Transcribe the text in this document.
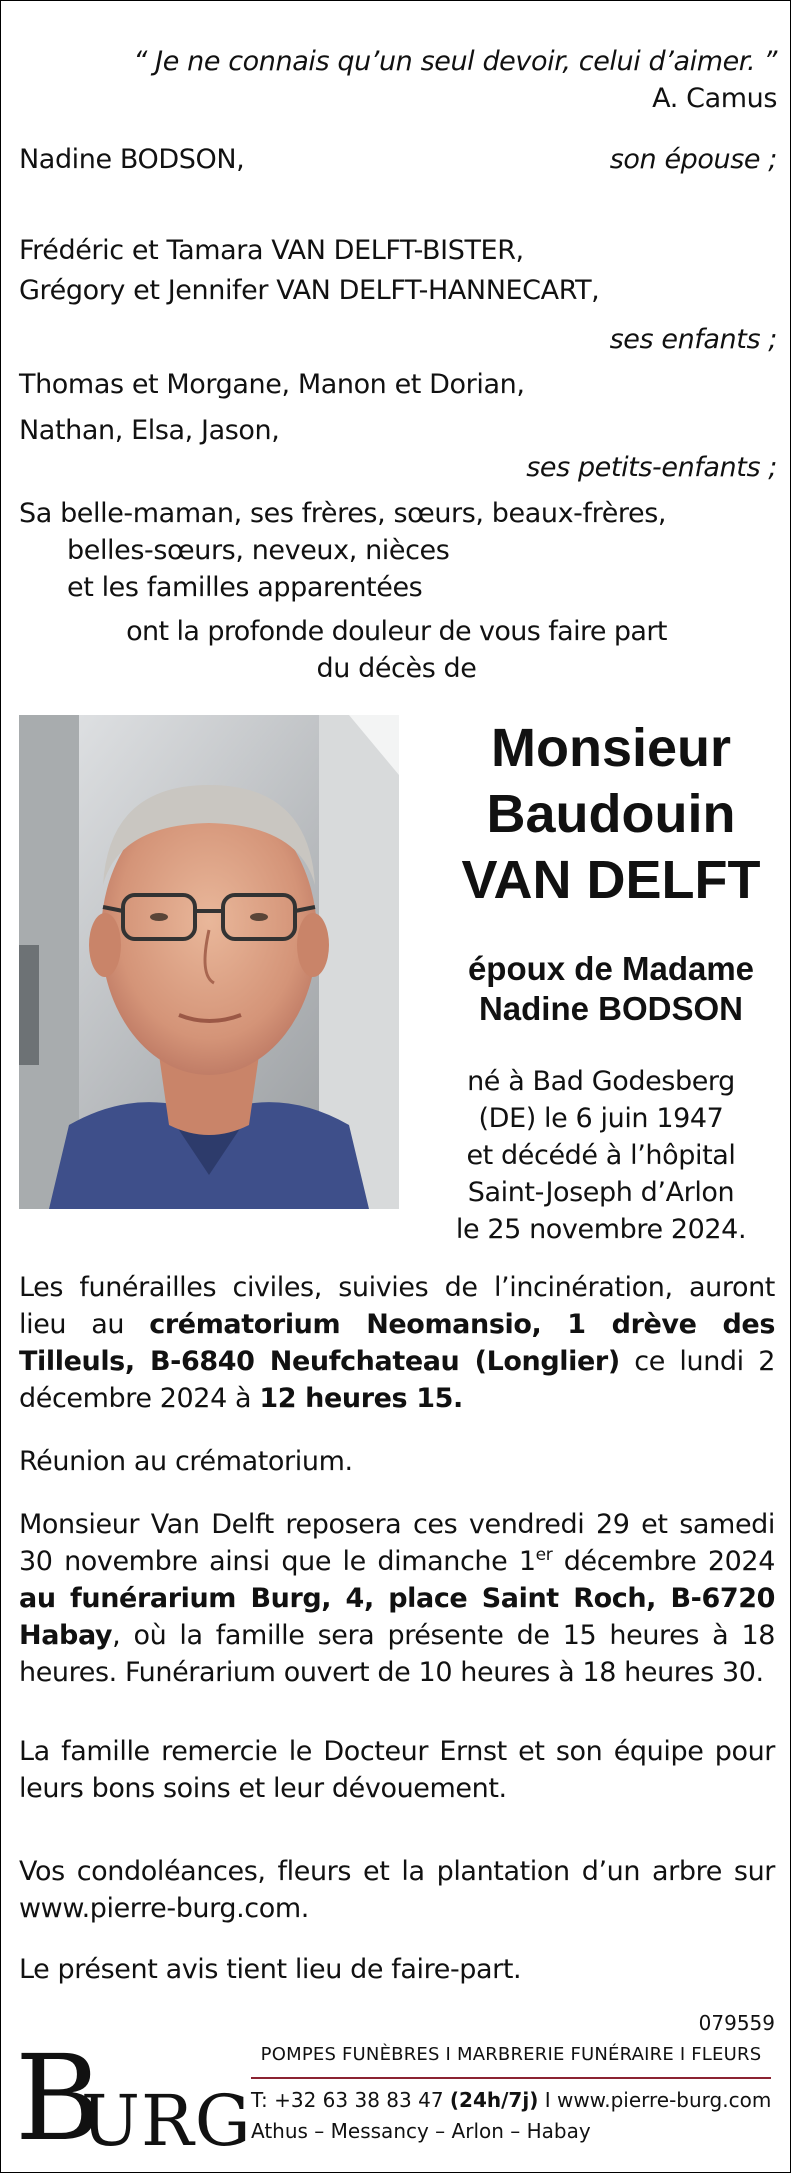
“ Je ne connais qu’un seul devoir, celui d’aimer. ”
A. Camus
Nadine BODSON,	son épouse ;
Frédéric et Tamara VAN DELFT-BISTER,
Grégory et Jennifer VAN DELFT-HANNECART,
ses enfants ;
Thomas et Morgane, Manon et Dorian,
Nathan, Elsa, Jason,
ses petits-enfants ;
Sa belle-maman, ses frères, sœurs, beaux-frères,
belles-sœurs, neveux, nièces
et les familles apparentées
ont la profonde douleur de vous faire part
du décès de
Monsieur
Baudouin
VAN DELFT
époux de Madame
Nadine BODSON
né à Bad Godesberg
(DE) le 6 juin 1947
et décédé à l’hôpital
Saint-Joseph d’Arlon
le 25 novembre 2024.
Les funérailles civiles, suivies de l’incinération, auront lieu au crématorium Neomansio, 1 drève des Tilleuls, B-6840 Neufchateau (Longlier) ce lundi 2 décembre 2024 à 12 heures 15.
Réunion au crématorium.
Monsieur Van Delft reposera ces vendredi 29 et samedi 30 novembre ainsi que le dimanche 1er décembre 2024 au funérarium Burg, 4, place Saint Roch, B-6720 Habay, où la famille sera présente de 15 heures à 18 heures. Funérarium ouvert de 10 heures à 18 heures 30.
La famille remercie le Docteur Ernst et son équipe pour leurs bons soins et leur dévouement.
Vos condoléances, fleurs et la plantation d’un arbre sur www.pierre-burg.com.
Le présent avis tient lieu de faire-part.
079559
B
URG
POMPES FUNÈBRES I MARBRERIE FUNÉRAIRE I FLEURS
T: +32 63 38 83 47 (24h/7j) I www.pierre-burg.com
Athus – Messancy – Arlon – Habay
